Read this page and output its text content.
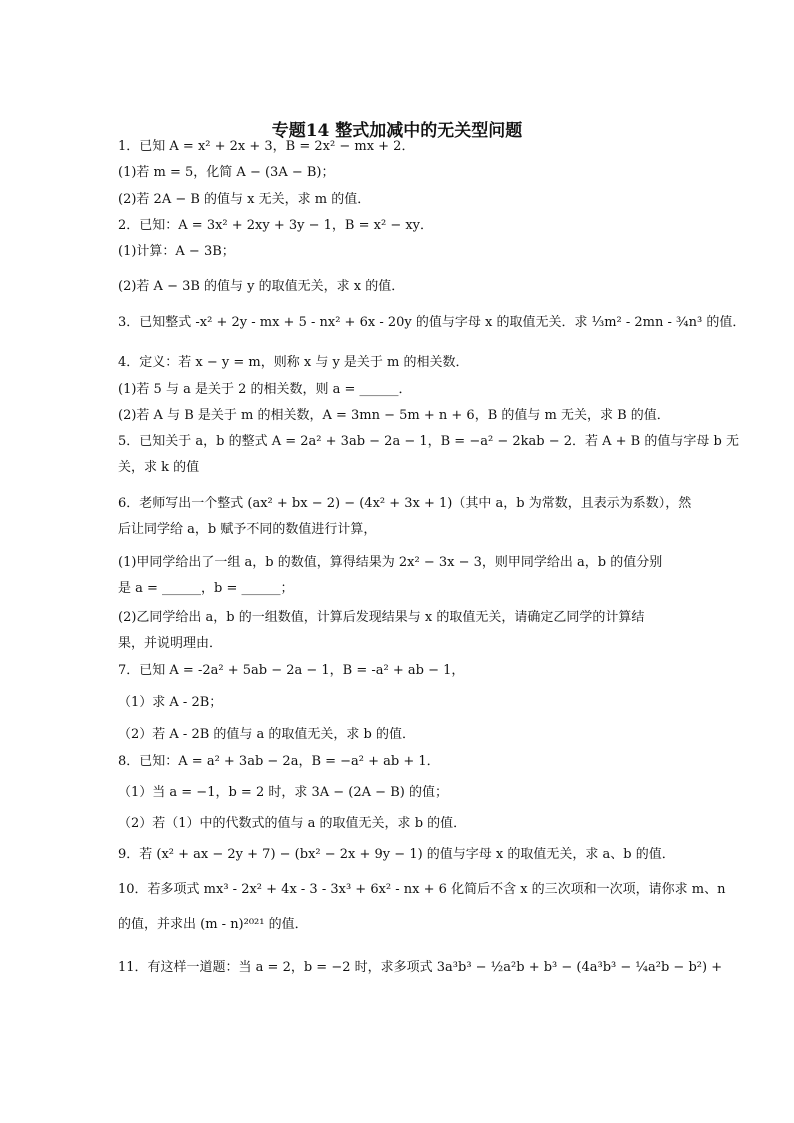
专题14 整式加减中的无关型问题
1．已知 A = x² + 2x + 3，B = 2x² − mx + 2．
(1)若 m = 5，化简 A − (3A − B)；
(2)若 2A − B 的值与 x 无关，求 m 的值．
2．已知：A = 3x² + 2xy + 3y − 1，B = x² − xy．
(1)计算：A − 3B；
(2)若 A − 3B 的值与 y 的取值无关，求 x 的值．
3．已知整式 -x² + 2y - mx + 5 - nx² + 6x - 20y 的值与字母 x 的取值无关．求 ⅓m² - 2mn - ¾n³ 的值．
4．定义：若 x − y = m，则称 x 与 y 是关于 m 的相关数．
(1)若 5 与 a 是关于 2 的相关数，则 a = ______．
(2)若 A 与 B 是关于 m 的相关数，A = 3mn − 5m + n + 6，B 的值与 m 无关，求 B 的值．
5．已知关于 a，b 的整式 A = 2a² + 3ab − 2a − 1，B = −a² − 2kab − 2．若 A + B 的值与字母 b 无
关，求 k 的值
6．老师写出一个整式 (ax² + bx − 2) − (4x² + 3x + 1)（其中 a，b 为常数，且表示为系数），然
后让同学给 a，b 赋予不同的数值进行计算，
(1)甲同学给出了一组 a，b 的数值，算得结果为 2x² − 3x − 3，则甲同学给出 a，b 的值分别
是 a = ______，b = ______；
(2)乙同学给出 a，b 的一组数值，计算后发现结果与 x 的取值无关，请确定乙同学的计算结
果，并说明理由．
7．已知 A = -2a² + 5ab − 2a − 1，B = -a² + ab − 1，
（1）求 A - 2B；
（2）若 A - 2B 的值与 a 的取值无关，求 b 的值．
8．已知：A = a² + 3ab − 2a，B = −a² + ab + 1．
（1）当 a = −1，b = 2 时，求 3A − (2A − B) 的值；
（2）若（1）中的代数式的值与 a 的取值无关，求 b 的值．
9．若 (x² + ax − 2y + 7) − (bx² − 2x + 9y − 1) 的值与字母 x 的取值无关，求 a、b 的值．
10．若多项式 mx³ - 2x² + 4x - 3 - 3x³ + 6x² - nx + 6 化简后不含 x 的三次项和一次项，请你求 m、n
的值，并求出 (m - n)²⁰²¹ 的值．
11．有这样一道题：当 a = 2，b = −2 时，求多项式 3a³b³ − ½a²b + b³ − (4a³b³ − ¼a²b − b²) +
